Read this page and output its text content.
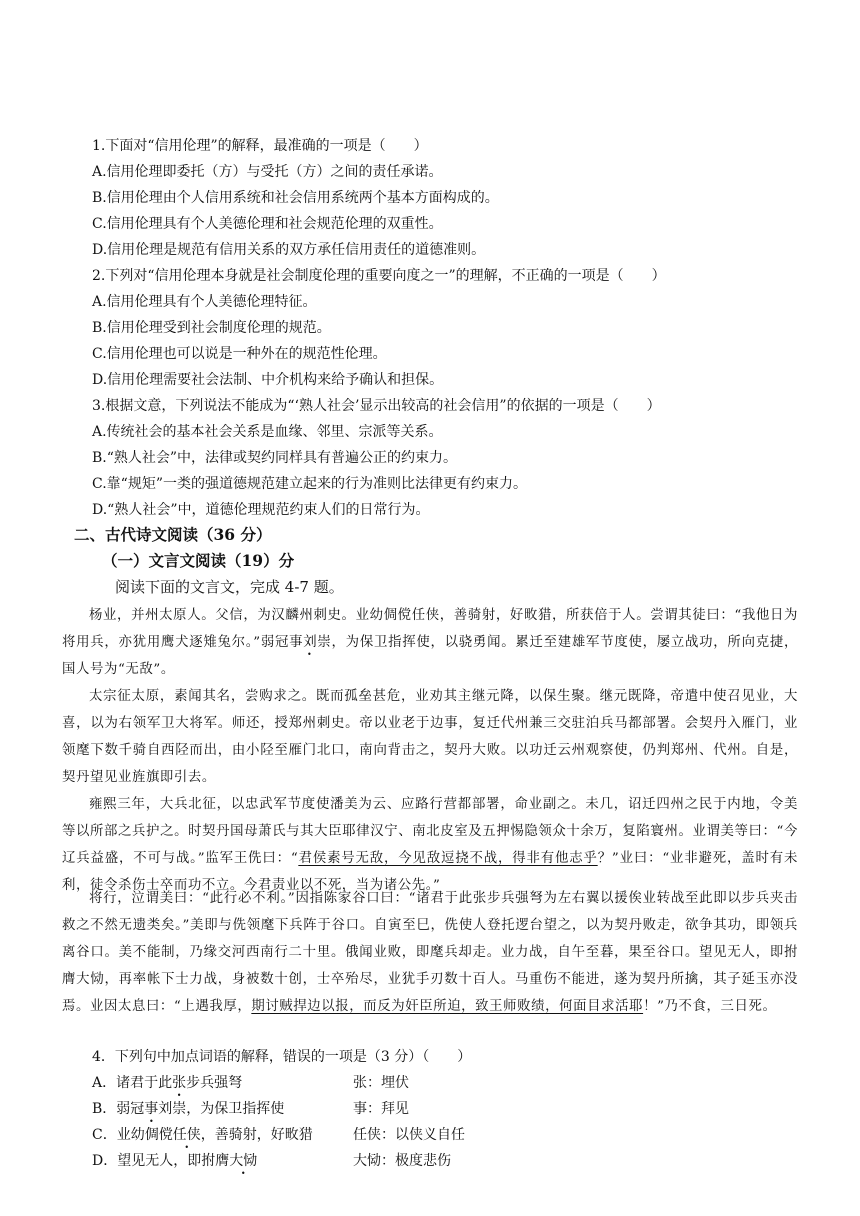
1.下面对“信用伦理”的解释，最准确的一项是（　　）
A.信用伦理即委托（方）与受托（方）之间的责任承诺。
B.信用伦理由个人信用系统和社会信用系统两个基本方面构成的。
C.信用伦理具有个人美德伦理和社会规范伦理的双重性。
D.信用伦理是规范有信用关系的双方承任信用责任的道德准则。
2.下列对“信用伦理本身就是社会制度伦理的重要向度之一”的理解，不正确的一项是（　　）
A.信用伦理具有个人美德伦理特征。
B.信用伦理受到社会制度伦理的规范。
C.信用伦理也可以说是一种外在的规范性伦理。
D.信用伦理需要社会法制、中介机构来给予确认和担保。
3.根据文意，下列说法不能成为“‘熟人社会’显示出较高的社会信用”的依据的一项是（　　）
A.传统社会的基本社会关系是血缘、邻里、宗派等关系。
B.“熟人社会”中，法律或契约同样具有普遍公正的约束力。
C.靠“规矩”一类的强道德规范建立起来的行为准则比法律更有约束力。
D.“熟人社会”中，道德伦理规范约束人们的日常行为。
二、古代诗文阅读（36 分）
（一）文言文阅读（19）分
阅读下面的文言文，完成 4-7 题。
杨业，并州太原人。父信，为汉麟州刺史。业幼倜傥任侠，善骑射，好畋猎，所获倍于人。尝谓其徒曰：“我他日为将用兵，亦犹用鹰犬逐雉兔尔。”弱冠事刘崇，为保卫指挥使，以骁勇闻。累迁至建雄军节度使，屡立战功，所向克捷，国人号为“无敌”。
太宗征太原，素闻其名，尝购求之。既而孤垒甚危，业劝其主继元降，以保生聚。继元既降，帝遣中使召见业，大喜，以为右领军卫大将军。师还，授郑州刺史。帝以业老于边事，复迁代州兼三交驻泊兵马都部署。会契丹入雁门，业领麾下数千骑自西陉而出，由小陉至雁门北口，南向背击之，契丹大败。以功迁云州观察使，仍判郑州、代州。自是，契丹望见业旌旗即引去。
雍熙三年，大兵北征，以忠武军节度使潘美为云、应路行营都部署，命业副之。未几，诏迁四州之民于内地，令美等以所部之兵护之。时契丹国母萧氏与其大臣耶律汉宁、南北皮室及五押惕隐领众十余万，复陷寰州。业谓美等曰：“今辽兵益盛，不可与战。”监军王侁曰：“君侯素号无敌，今见敌逗挠不战，得非有他志乎？”业曰：“业非避死，盖时有未利，徒令杀伤士卒而功不立。今君责业以不死，当为诸公先。”
将行，泣谓美曰：“此行必不利。”因指陈家谷口曰：“诸君于此张步兵强弩为左右翼以援俟业转战至此即以步兵夹击救之不然无遗类矣。”美即与侁领麾下兵阵于谷口。自寅至巳，侁使人登托逻台望之，以为契丹败走，欲争其功，即领兵离谷口。美不能制，乃缘交河西南行二十里。俄闻业败，即麾兵却走。业力战，自午至暮，果至谷口。望见无人，即拊膺大恸，再率帐下士力战，身被数十创，士卒殆尽，业犹手刃数十百人。马重伤不能进，遂为契丹所擒，其子延玉亦没焉。业因太息曰：“上遇我厚，期讨贼捍边以报，而反为奸臣所迫，致王师败绩，何面目求活耶！”乃不食，三日死。
4．下列句中加点词语的解释，错误的一项是（3 分）（　　）
A．诸君于此张步兵强弩	张：埋伏
B．弱冠事刘崇，为保卫指挥使	事：拜见
C．业幼倜傥任侠，善骑射，好畋猎	任侠：以侠义自任
D．望见无人，即拊膺大恸	大恸：极度悲伤
